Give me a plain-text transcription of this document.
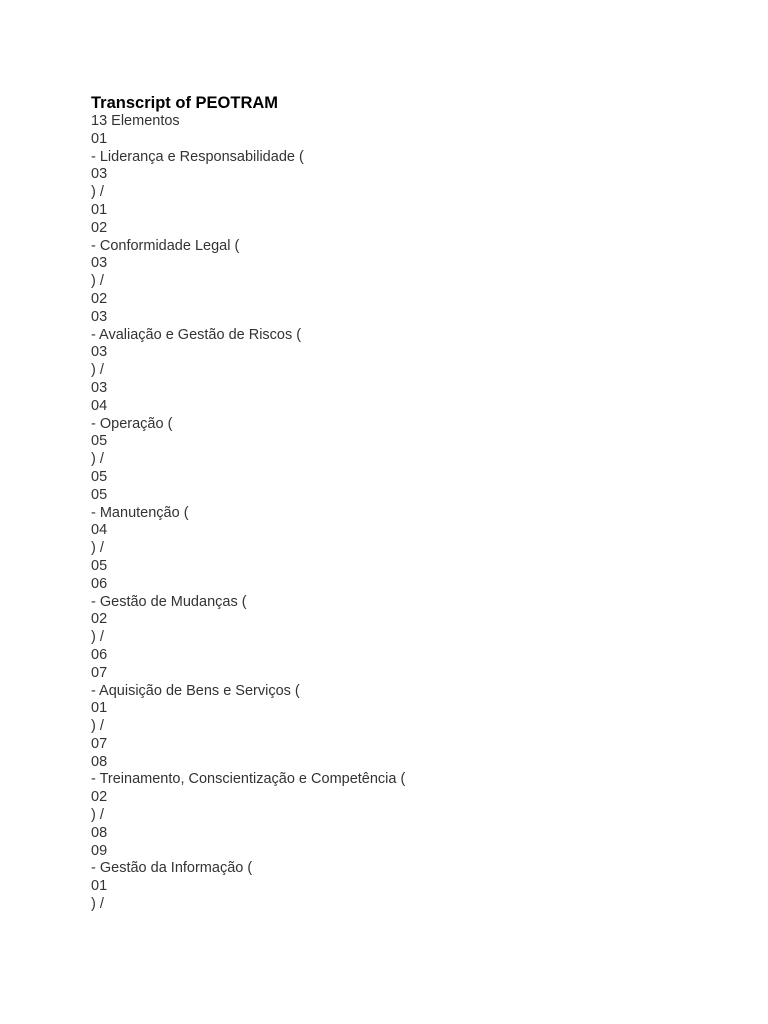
Transcript of PEOTRAM
13 Elementos
01
- Liderança e Responsabilidade (
03
) /
01
02
- Conformidade Legal (
03
) /
02
03
- Avaliação e Gestão de Riscos (
03
) /
03
04
- Operação (
05
) /
05
05
- Manutenção (
04
) /
05
06
- Gestão de Mudanças (
02
) /
06
07
- Aquisição de Bens e Serviços (
01
) /
07
08
- Treinamento, Conscientização e Competência (
02
) /
08
09
- Gestão da Informação (
01
) /
